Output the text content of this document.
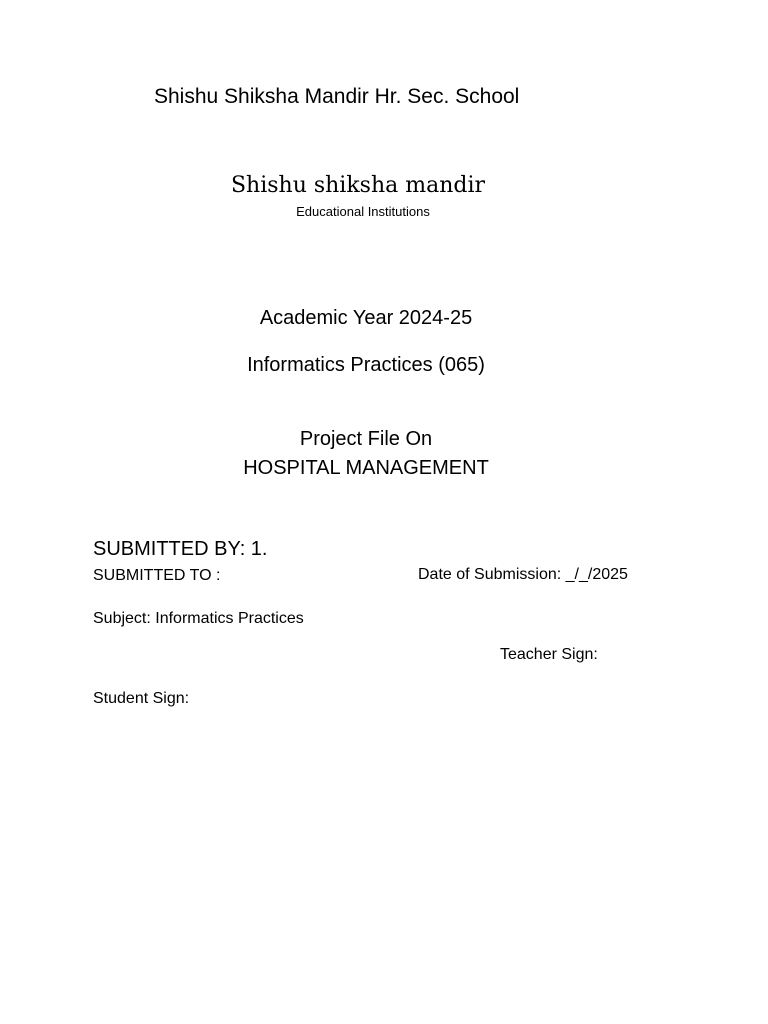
Shishu Shiksha Mandir Hr. Sec. School
Shishu shiksha mandir
Educational Institutions
Academic Year 2024-25
Informatics Practices (065)
Project File On
HOSPITAL MANAGEMENT
SUBMITTED BY: 1.
SUBMITTED TO :	Date of Submission: _/_/2025
Subject: Informatics Practices
Teacher Sign:
Student Sign:
